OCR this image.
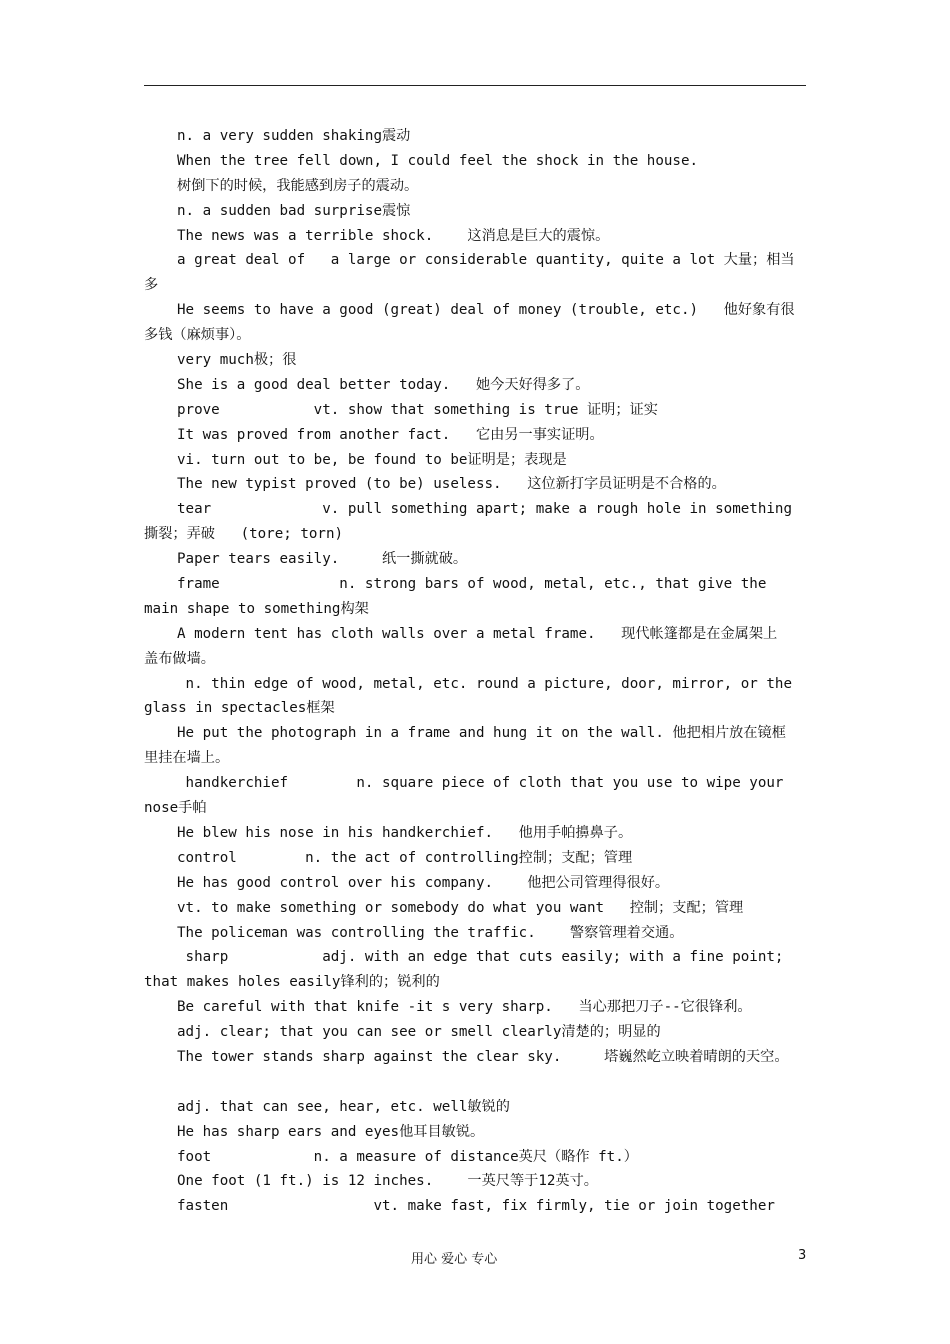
n. a very sudden shaking震动
When the tree fell down, I could feel the shock in the house.
树倒下的时候，我能感到房子的震动。
n. a sudden bad surprise震惊
The news was a terrible shock.    这消息是巨大的震惊。
a great deal of   a large or considerable quantity, quite a lot 大量；相当
多
He seems to have a good (great) deal of money (trouble, etc.)   他好象有很
多钱（麻烦事）。
very much极；很
She is a good deal better today.   她今天好得多了。
prove           vt. show that something is true 证明；证实
It was proved from another fact.   它由另一事实证明。
vi. turn out to be, be found to be证明是；表现是
The new typist proved (to be) useless.   这位新打字员证明是不合格的。
tear             v. pull something apart; make a rough hole in something
撕裂；弄破   (tore; torn)
Paper tears easily.     纸一撕就破。
frame              n. strong bars of wood, metal, etc., that give the
main shape to something构架
A modern tent has cloth walls over a metal frame.   现代帐篷都是在金属架上
盖布做墙。
n. thin edge of wood, metal, etc. round a picture, door, mirror, or the
glass in spectacles框架
He put the photograph in a frame and hung it on the wall. 他把相片放在镜框
里挂在墙上。
handkerchief        n. square piece of cloth that you use to wipe your
nose手帕
He blew his nose in his handkerchief.   他用手帕擤鼻子。
control        n. the act of controlling控制；支配；管理
He has good control over his company.    他把公司管理得很好。
vt. to make something or somebody do what you want   控制；支配；管理
The policeman was controlling the traffic.    警察管理着交通。
sharp           adj. with an edge that cuts easily; with a fine point;
that makes holes easily锋利的；锐利的
Be careful with that knife -it s very sharp.   当心那把刀子--它很锋利。
adj. clear; that you can see or smell clearly清楚的；明显的
The tower stands sharp against the clear sky.     塔巍然屹立映着晴朗的天空。
adj. that can see, hear, etc. well敏锐的
He has sharp ears and eyes他耳目敏锐。
foot            n. a measure of distance英尺（略作 ft.）
One foot (1 ft.) is 12 inches.    一英尺等于12英寸。
fasten                 vt. make fast, fix firmly, tie or join together
用心 爱心 专心	3
